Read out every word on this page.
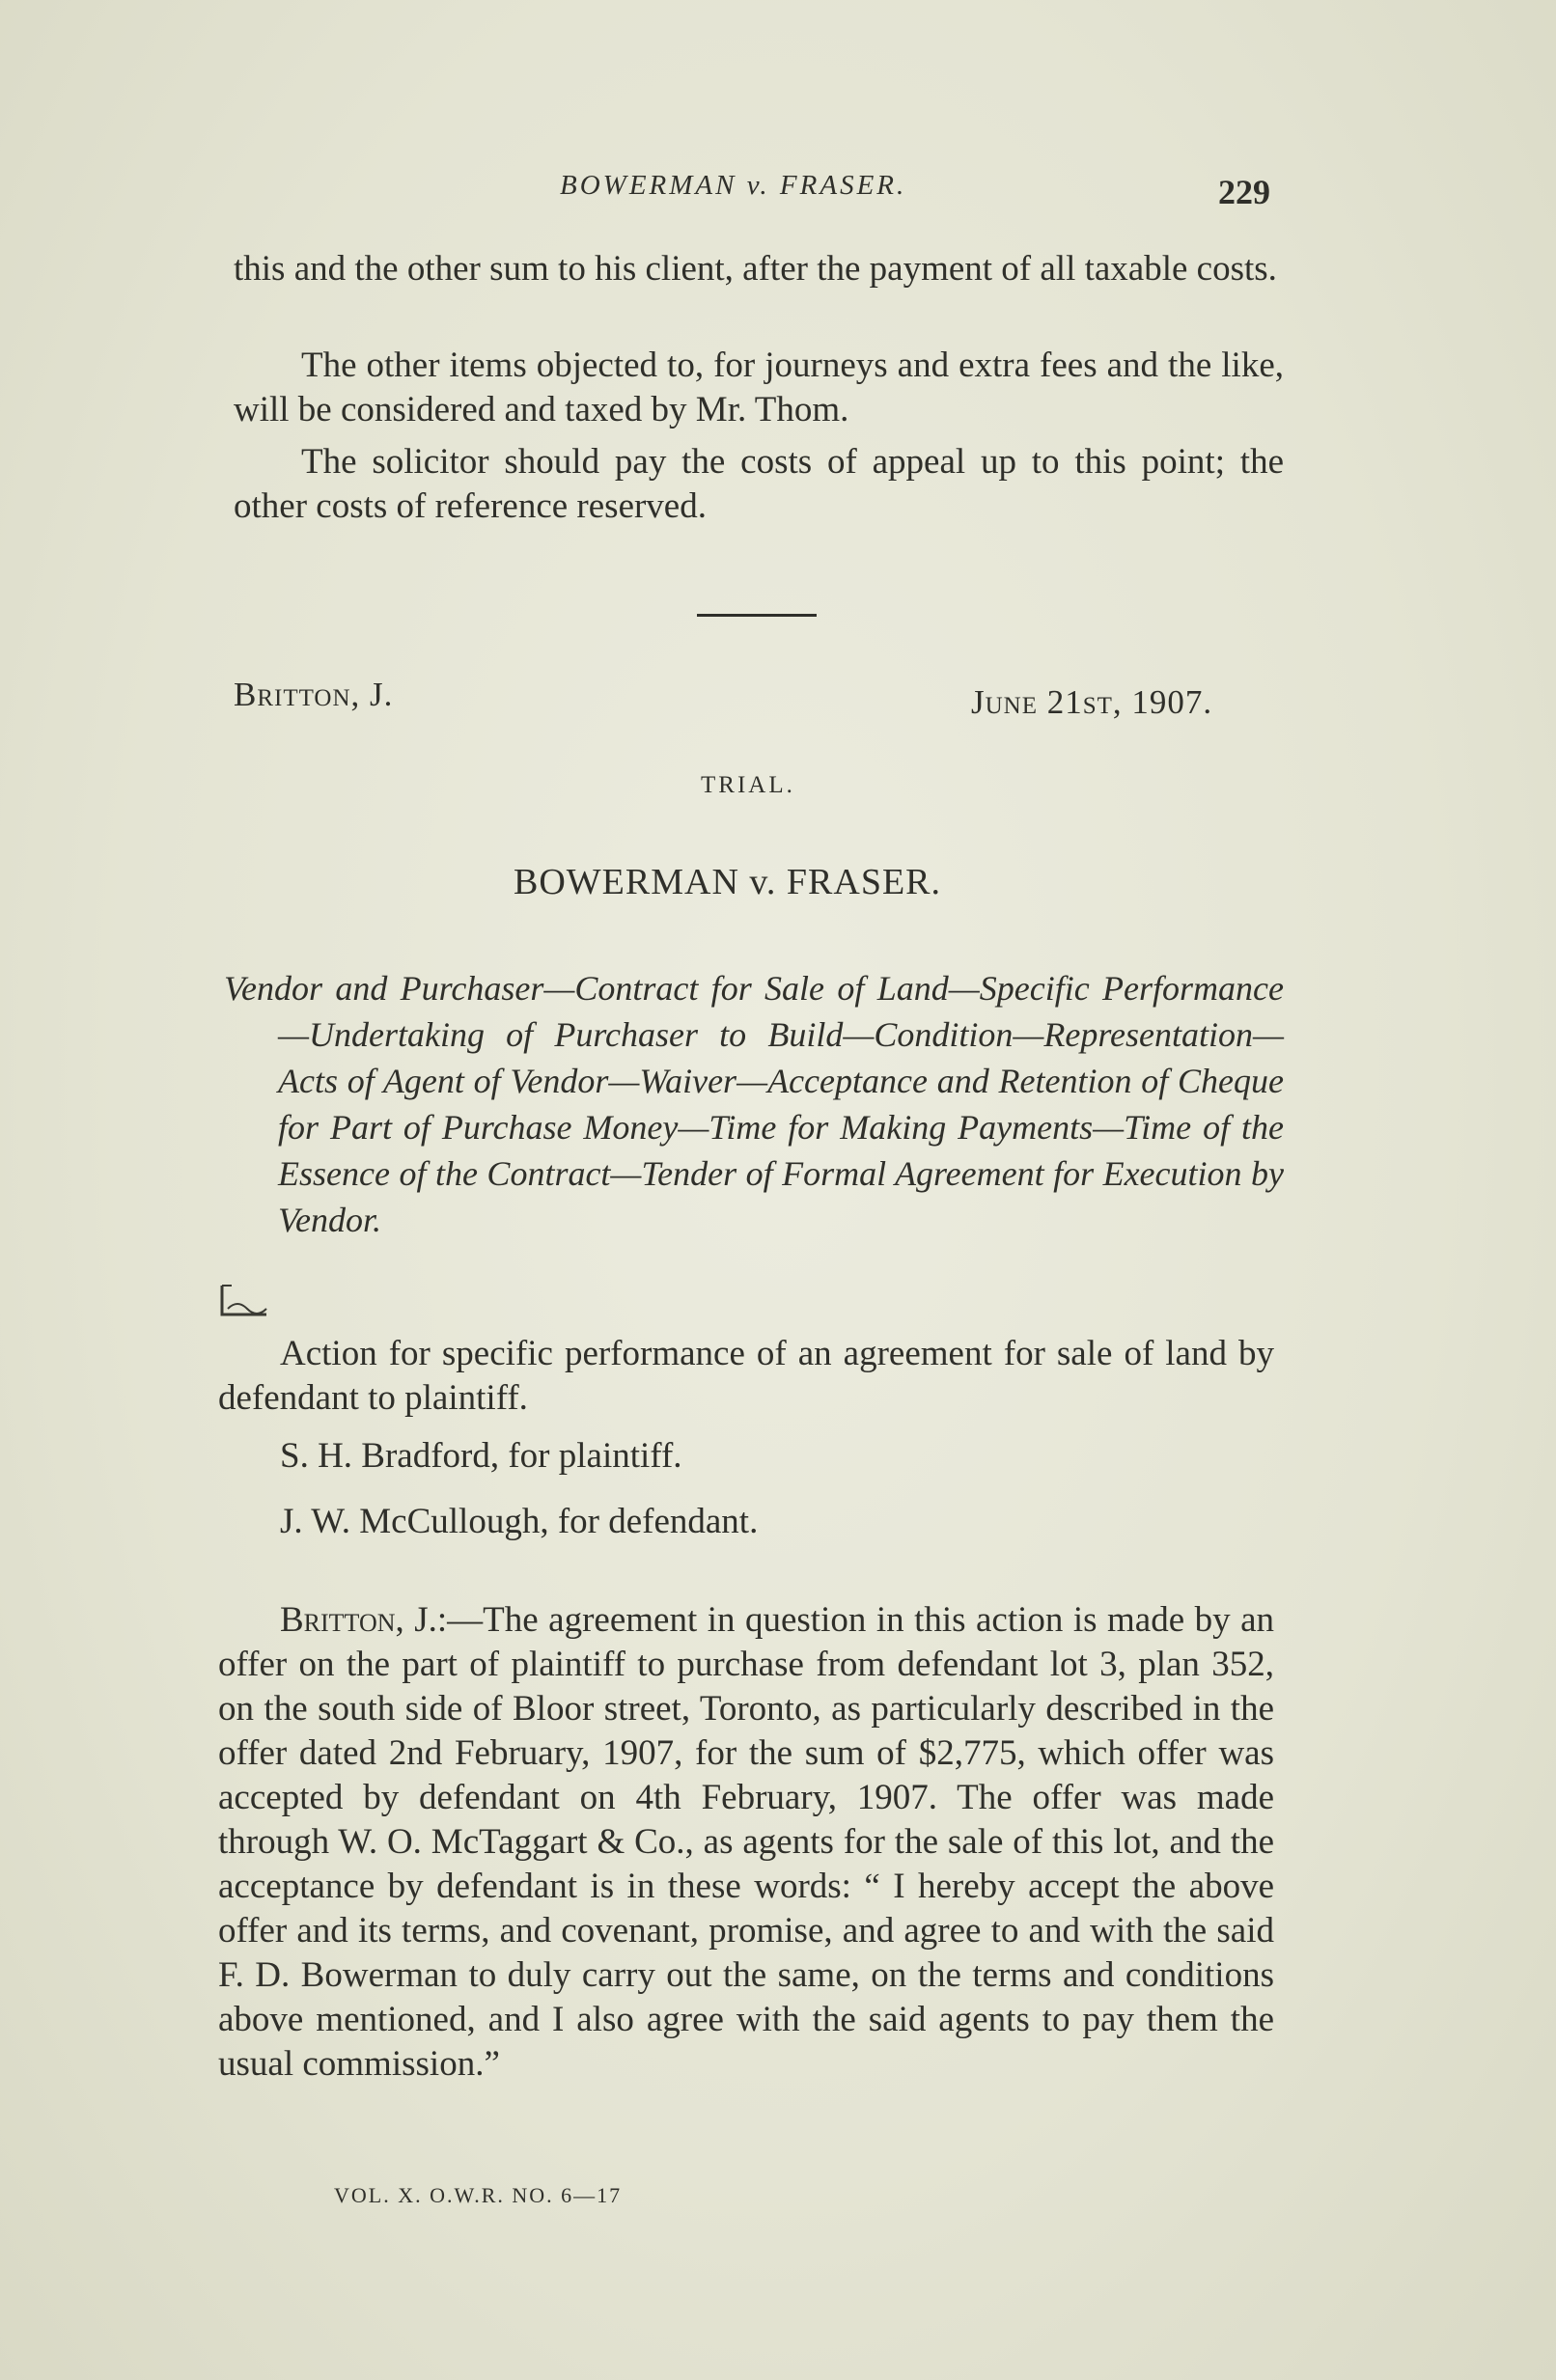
BOWERMAN v. FRASER.	229
this and the other sum to his client, after the payment of all taxable costs.
The other items objected to, for journeys and extra fees and the like, will be considered and taxed by Mr. Thom.
The solicitor should pay the costs of appeal up to this point; the other costs of reference reserved.
Britton, J.	June 21st, 1907.
TRIAL.
BOWERMAN v. FRASER.
Vendor and Purchaser—Contract for Sale of Land—Specific Performance—Undertaking of Purchaser to Build—Condition—Representation—Acts of Agent of Vendor—Waiver—Acceptance and Retention of Cheque for Part of Purchase Money—Time for Making Payments—Time of the Essence of the Contract—Tender of Formal Agreement for Execution by Vendor.
Action for specific performance of an agreement for sale of land by defendant to plaintiff.
S. H. Bradford, for plaintiff.
J. W. McCullough, for defendant.
Britton, J.:—The agreement in question in this action is made by an offer on the part of plaintiff to purchase from defendant lot 3, plan 352, on the south side of Bloor street, Toronto, as particularly described in the offer dated 2nd February, 1907, for the sum of $2,775, which offer was accepted by defendant on 4th February, 1907. The offer was made through W. O. McTaggart & Co., as agents for the sale of this lot, and the acceptance by defendant is in these words: “ I hereby accept the above offer and its terms, and covenant, promise, and agree to and with the said F. D. Bowerman to duly carry out the same, on the terms and conditions above mentioned, and I also agree with the said agents to pay them the usual commission.”
VOL. X. O.W.R. NO. 6—17
